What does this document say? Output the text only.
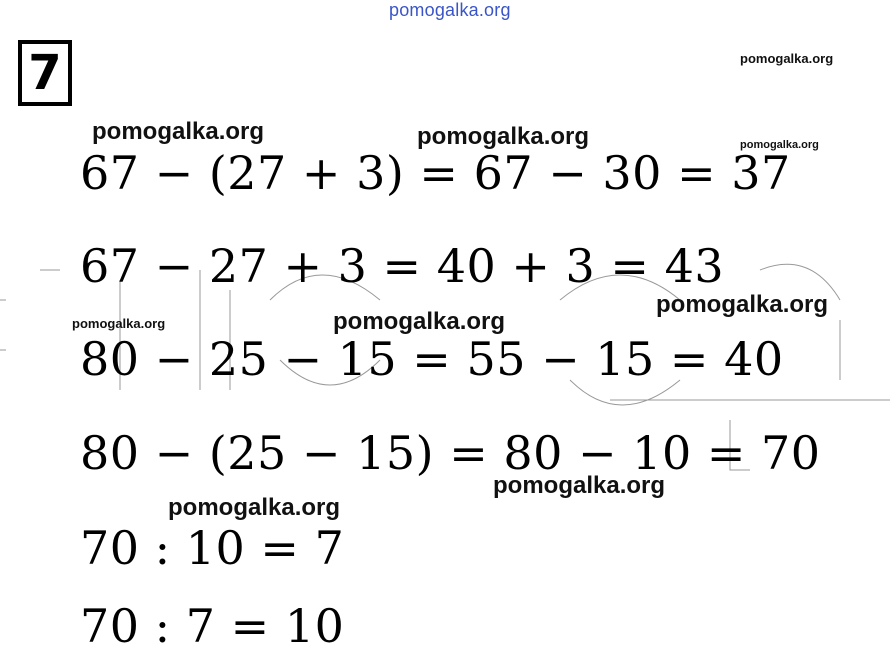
pomogalka.org
7	pomogalka.org
pomogalka.org	pomogalka.org	pomogalka.org
67 − (27 + 3) = 67 − 30 = 37
67 − 27 + 3 = 40 + 3 = 43
pomogalka.org
pomogalka.org	pomogalka.org
80 − 25 − 15 = 55 − 15 = 40
80 − (25 − 15) = 80 − 10 = 70
pomogalka.org
pomogalka.org
70 : 10 = 7
70 : 7 = 10
